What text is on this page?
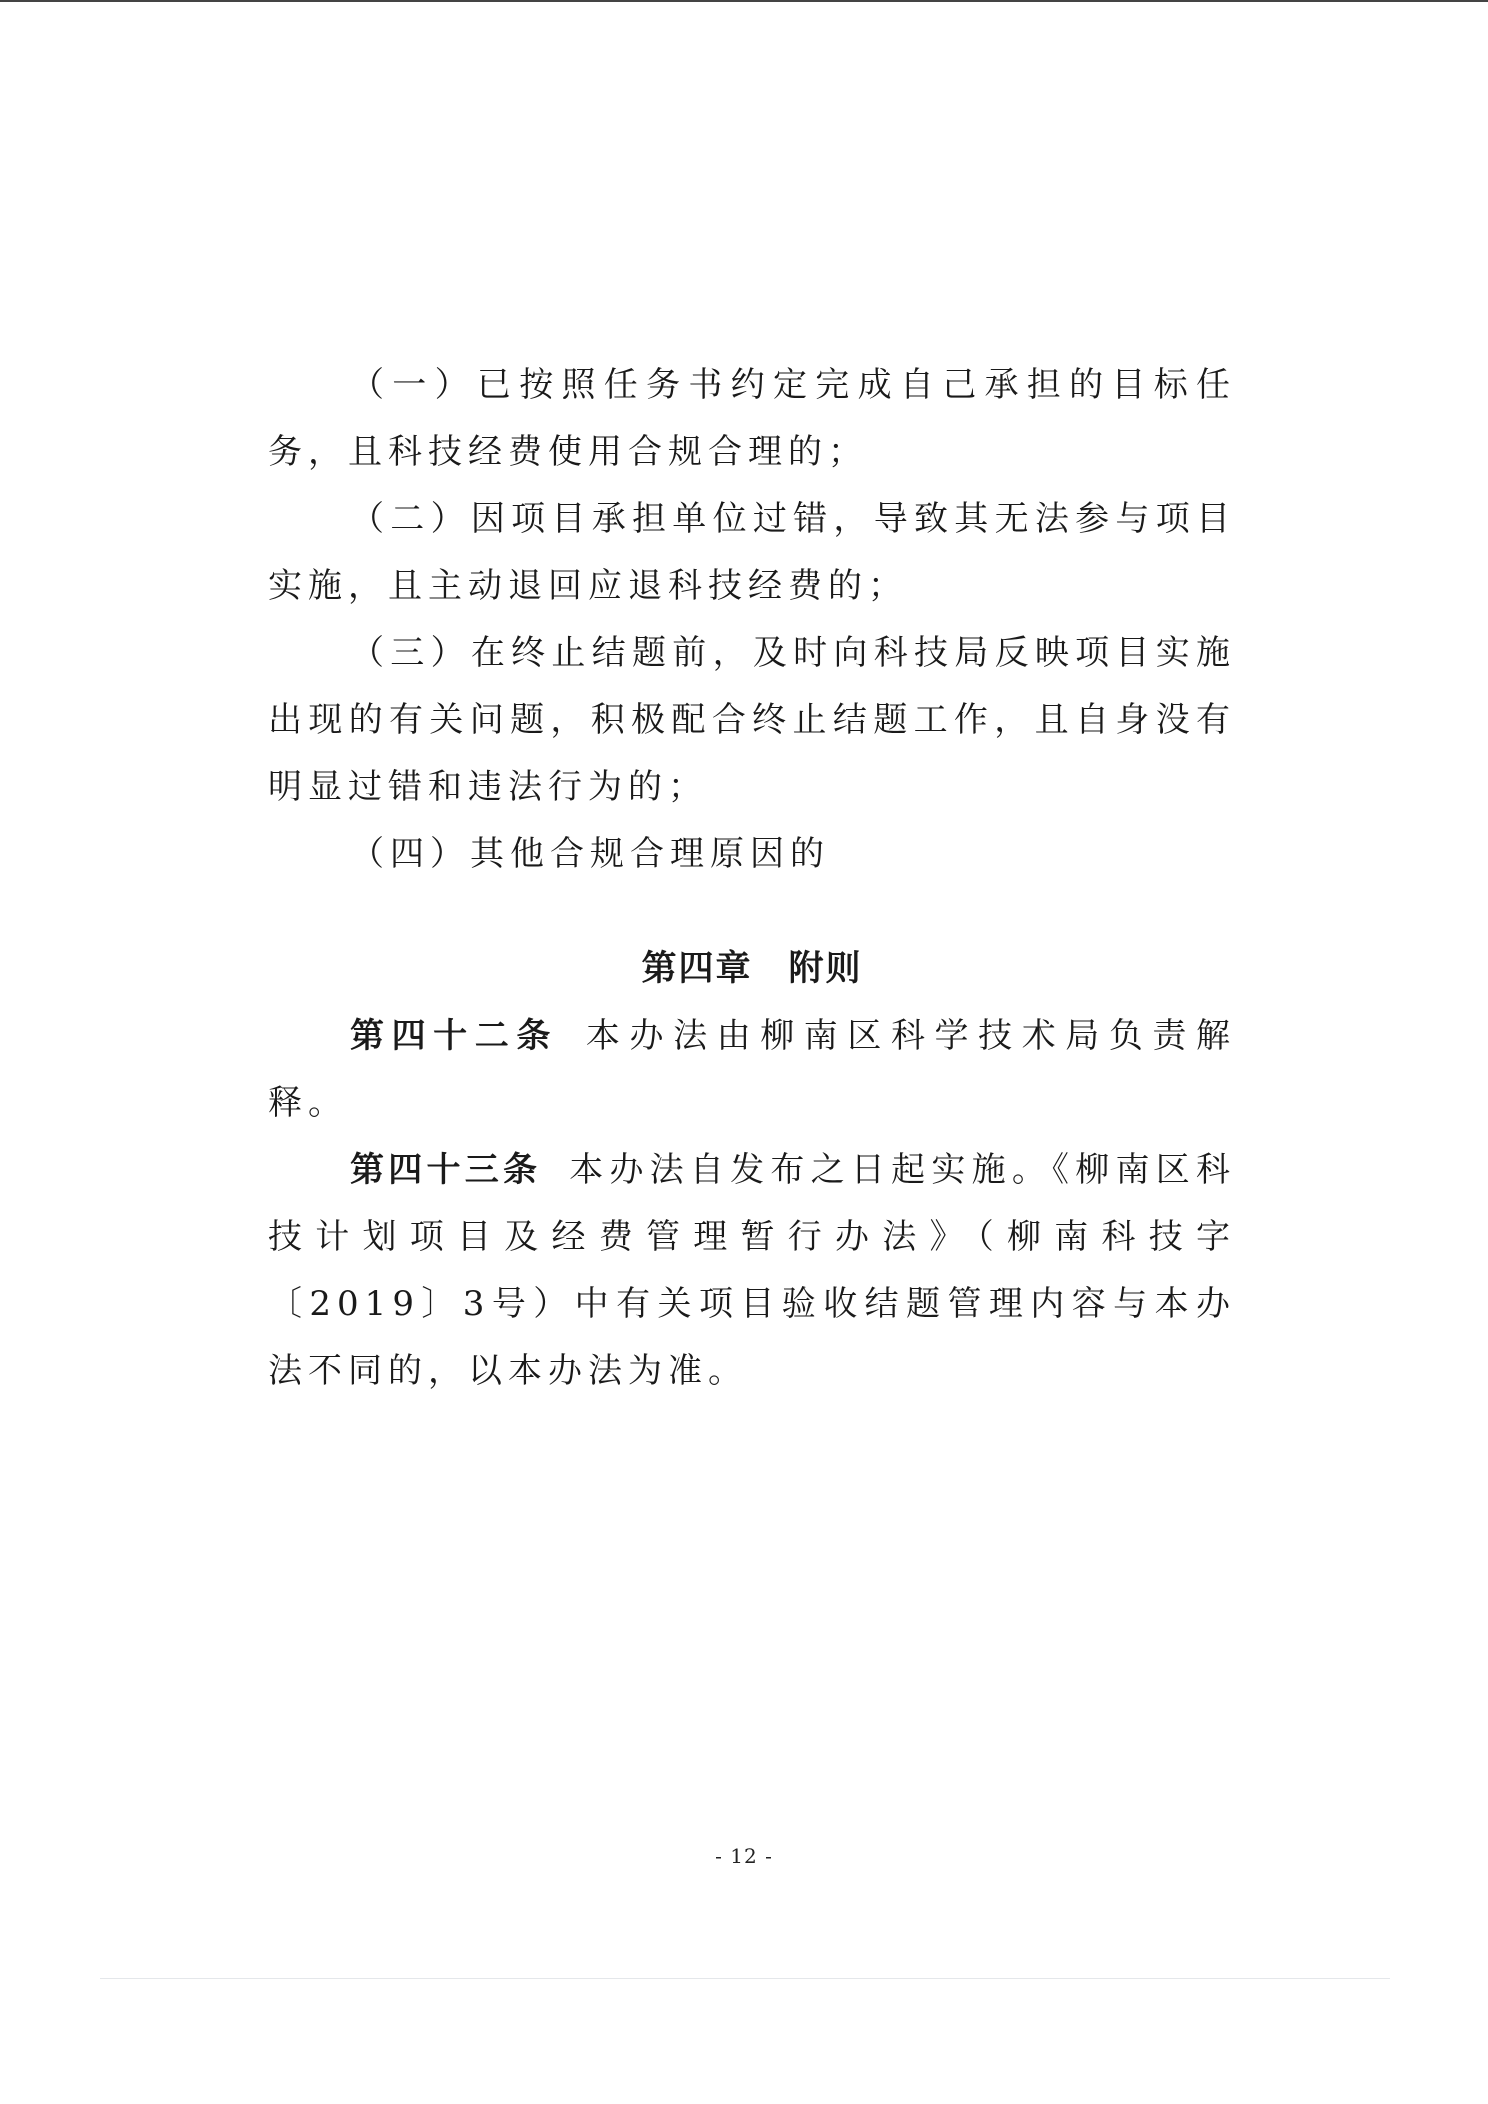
（一）已按照任务书约定完成自己承担的目标任务，且科技经费使用合规合理的；

（二）因项目承担单位过错，导致其无法参与项目实施，且主动退回应退科技经费的；

（三）在终止结题前，及时向科技局反映项目实施出现的有关问题，积极配合终止结题工作，且自身没有明显过错和违法行为的；

（四）其他合规合理原因的

第四章 附则

第四十二条 本办法由柳南区科学技术局负责解释。

第四十三条 本办法自发布之日起实施。《柳南区科技计划项目及经费管理暂行办法》（柳南科技字〔2019〕3号）中有关项目验收结题管理内容与本办法不同的，以本办法为准。

- 12 -
